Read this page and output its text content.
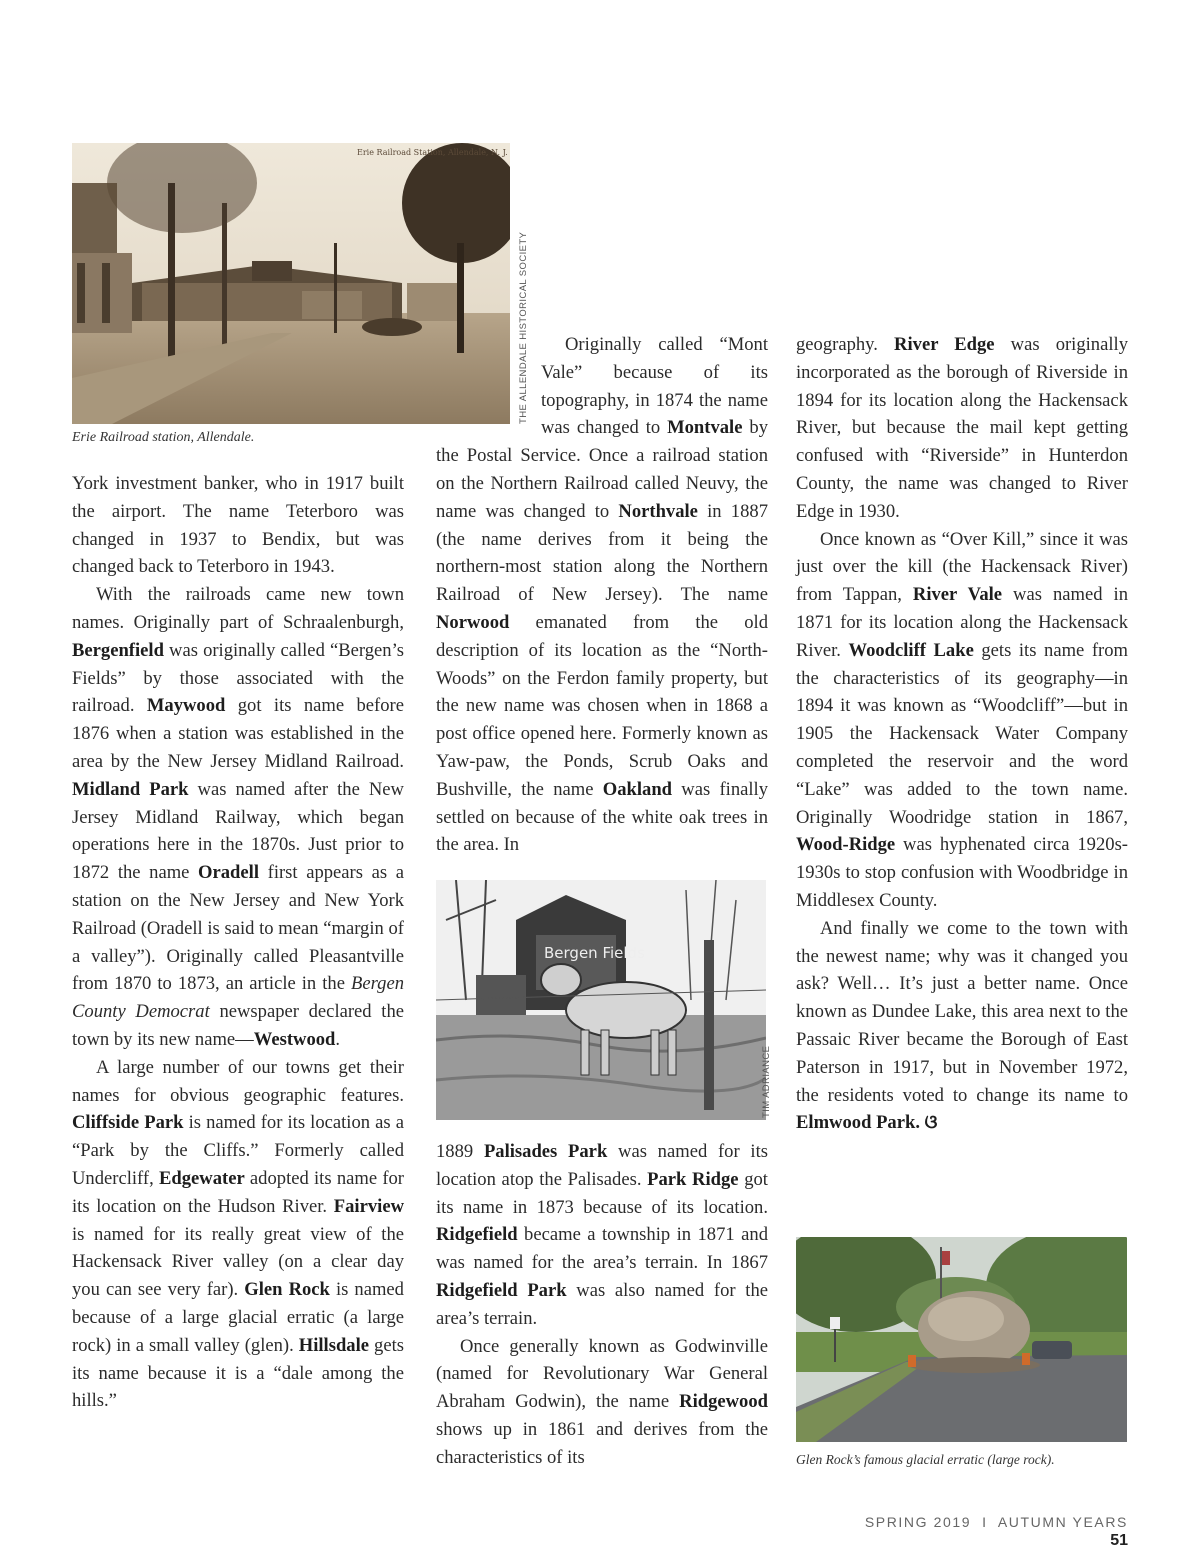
Erie Railroad Station, Allendale, N. J.
THE ALLENDALE HISTORICAL SOCIETY
Erie Railroad station, Allendale.
Bergen Fields
TIM ADRIANCE
Glen Rock’s famous glacial erratic (large rock).

York investment banker, who in 1917 built the airport. The name Teterboro was changed in 1937 to Bendix, but was changed back to Teterboro in 1943.

With the railroads came new town names. Originally part of Schraalenburgh, Bergenfield was originally called “Bergen’s Fields” by those associated with the railroad. Maywood got its name before 1876 when a station was established in the area by the New Jersey Midland Railroad. Midland Park was named after the New Jersey Midland Railway, which began operations here in the 1870s. Just prior to 1872 the name Oradell first appears as a station on the New Jersey and New York Railroad (Oradell is said to mean “margin of a valley”). Originally called Pleasantville from 1870 to 1873, an article in the Bergen County Democrat newspaper declared the town by its new name—Westwood.

A large number of our towns get their names for obvious geographic features. Cliffside Park is named for its location as a “Park by the Cliffs.” Formerly called Undercliff, Edgewater adopted its name for its location on the Hudson River. Fairview is named for its really great view of the Hackensack River valley (on a clear day you can see very far). Glen Rock is named because of a large glacial erratic (a large rock) in a small valley (glen). Hillsdale gets its name because it is a “dale among the hills.”

Originally called “Mont Vale” because of its topography, in 1874 the name was changed to Montvale by the Postal Service. Once a railroad station on the Northern Railroad called Neuvy, the name was changed to Northvale in 1887 (the name derives from it being the northern-most station along the Northern Railroad of New Jersey). The name Norwood emanated from the old description of its location as the “North-Woods” on the Ferdon family property, but the new name was chosen when in 1868 a post office opened here. Formerly known as Yaw-paw, the Ponds, Scrub Oaks and Bushville, the name Oakland was finally settled on because of the white oak trees in the area. In

1889 Palisades Park was named for its location atop the Palisades. Park Ridge got its name in 1873 because of its location. Ridgefield became a township in 1871 and was named for the area’s terrain. In 1867 Ridgefield Park was also named for the area’s terrain.

Once generally known as Godwinville (named for Revolutionary War General Abraham Godwin), the name Ridgewood shows up in 1861 and derives from the characteristics of its

geography. River Edge was originally incorporated as the borough of Riverside in 1894 for its location along the Hackensack River, but because the mail kept getting confused with “Riverside” in Hunterdon County, the name was changed to River Edge in 1930.

Once known as “Over Kill,” since it was just over the kill (the Hackensack River) from Tappan, River Vale was named in 1871 for its location along the Hackensack River. Woodcliff Lake gets its name from the characteristics of its geography—in 1894 it was known as “Woodcliff”—but in 1905 the Hackensack Water Company completed the reservoir and the word “Lake” was added to the town name. Originally Woodridge station in 1867, Wood-Ridge was hyphenated circa 1920s-1930s to stop confusion with Woodbridge in Middlesex County.

And finally we come to the town with the newest name; why was it changed you ask? Well… It’s just a better name. Once known as Dundee Lake, this area next to the Passaic River became the Borough of East Paterson in 1917, but in November 1972, the residents voted to change its name to Elmwood Park. ଓ

SPRING 2019  I  AUTUMN YEARS 51
